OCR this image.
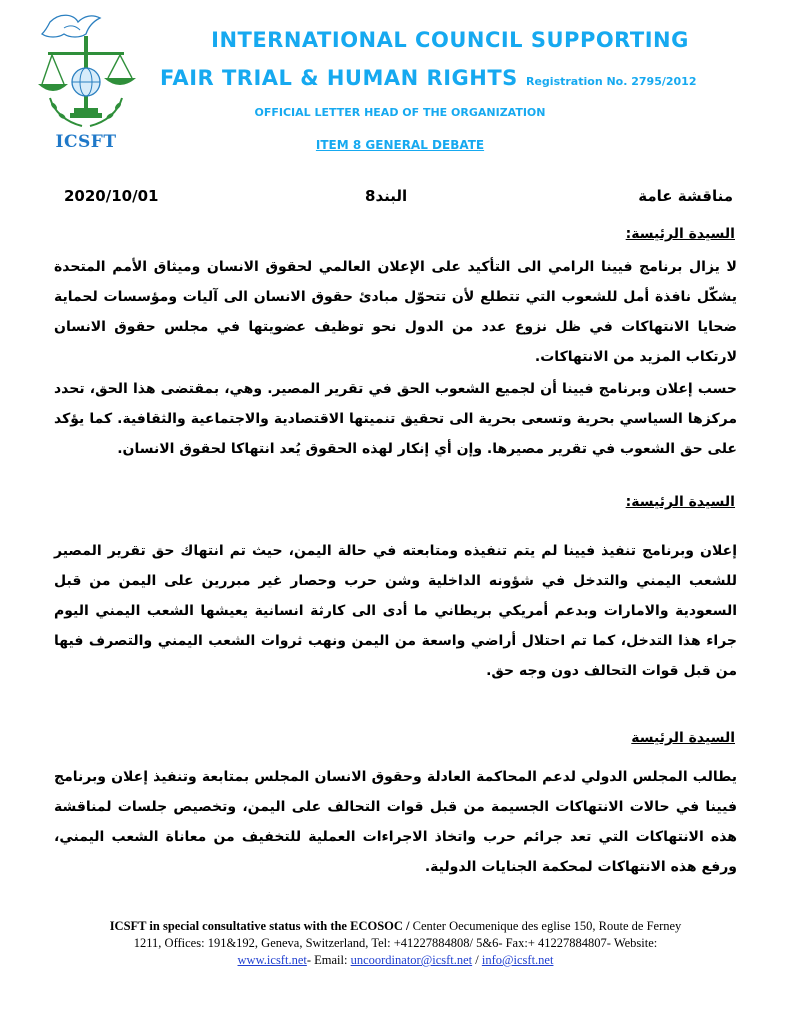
ICSFT
INTERNATIONAL COUNCIL SUPPORTING
FAIR TRIAL & HUMAN RIGHTS Registration No. 2795/2012
OFFICIAL LETTER HEAD OF THE ORGANIZATION
ITEM 8 GENERAL DEBATE
2020/10/01	البند8	مناقشة عامة
السيدة الرئيسة:
لا يزال برنامج فيينا الرامي الى التأكيد على الإعلان العالمي لحقوق الانسان وميثاق الأمم المتحدة يشكّل نافذة أمل للشعوب التي تتطلع لأن تتحوّل مبادئ حقوق الانسان الى آليات ومؤسسات لحماية ضحايا الانتهاكات في ظل نزوع عدد من الدول نحو توظيف عضويتها في مجلس حقوق الانسان لارتكاب المزيد من الانتهاكات.
حسب إعلان وبرنامج فيينا أن لجميع الشعوب الحق في تقرير المصير. وهي، بمقتضى هذا الحق، تحدد مركزها السياسي بحرية وتسعى بحرية الى تحقيق تنميتها الاقتصادية والاجتماعية والثقافية. كما يؤكد على حق الشعوب في تقرير مصيرها. وإن أي إنكار لهذه الحقوق يُعد انتهاكا لحقوق الانسان.
السيدة الرئيسة:
إعلان وبرنامج تنفيذ فيينا لم يتم تنفيذه ومتابعته في حالة اليمن، حيث تم انتهاك حق تقرير المصير للشعب اليمني والتدخل في شؤونه الداخلية وشن حرب وحصار غير مبررين على اليمن من قبل السعودية والامارات وبدعم أمريكي بريطاني ما أدى الى كارثة انسانية يعيشها الشعب اليمني اليوم جراء هذا التدخل، كما تم احتلال أراضي واسعة من اليمن ونهب ثروات الشعب اليمني والتصرف فيها من قبل قوات التحالف دون وجه حق.
السيدة الرئيسة
يطالب المجلس الدولي لدعم المحاكمة العادلة وحقوق الانسان المجلس بمتابعة وتنفيذ إعلان وبرنامج فيينا في حالات الانتهاكات الجسيمة من قبل قوات التحالف على اليمن، وتخصيص جلسات لمناقشة هذه الانتهاكات التي تعد جرائم حرب واتخاذ الاجراءات العملية للتخفيف من معاناة الشعب اليمني، ورفع هذه الانتهاكات لمحكمة الجنايات الدولية.
ICSFT in special consultative status with the ECOSOC / Center Oecumenique des eglise 150, Route de Ferney
1211, Offices: 191&192, Geneva, Switzerland, Tel: +41227884808/ 5&6- Fax:+ 41227884807- Website:
www.icsft.net- Email: uncoordinator@icsft.net / info@icsft.net
